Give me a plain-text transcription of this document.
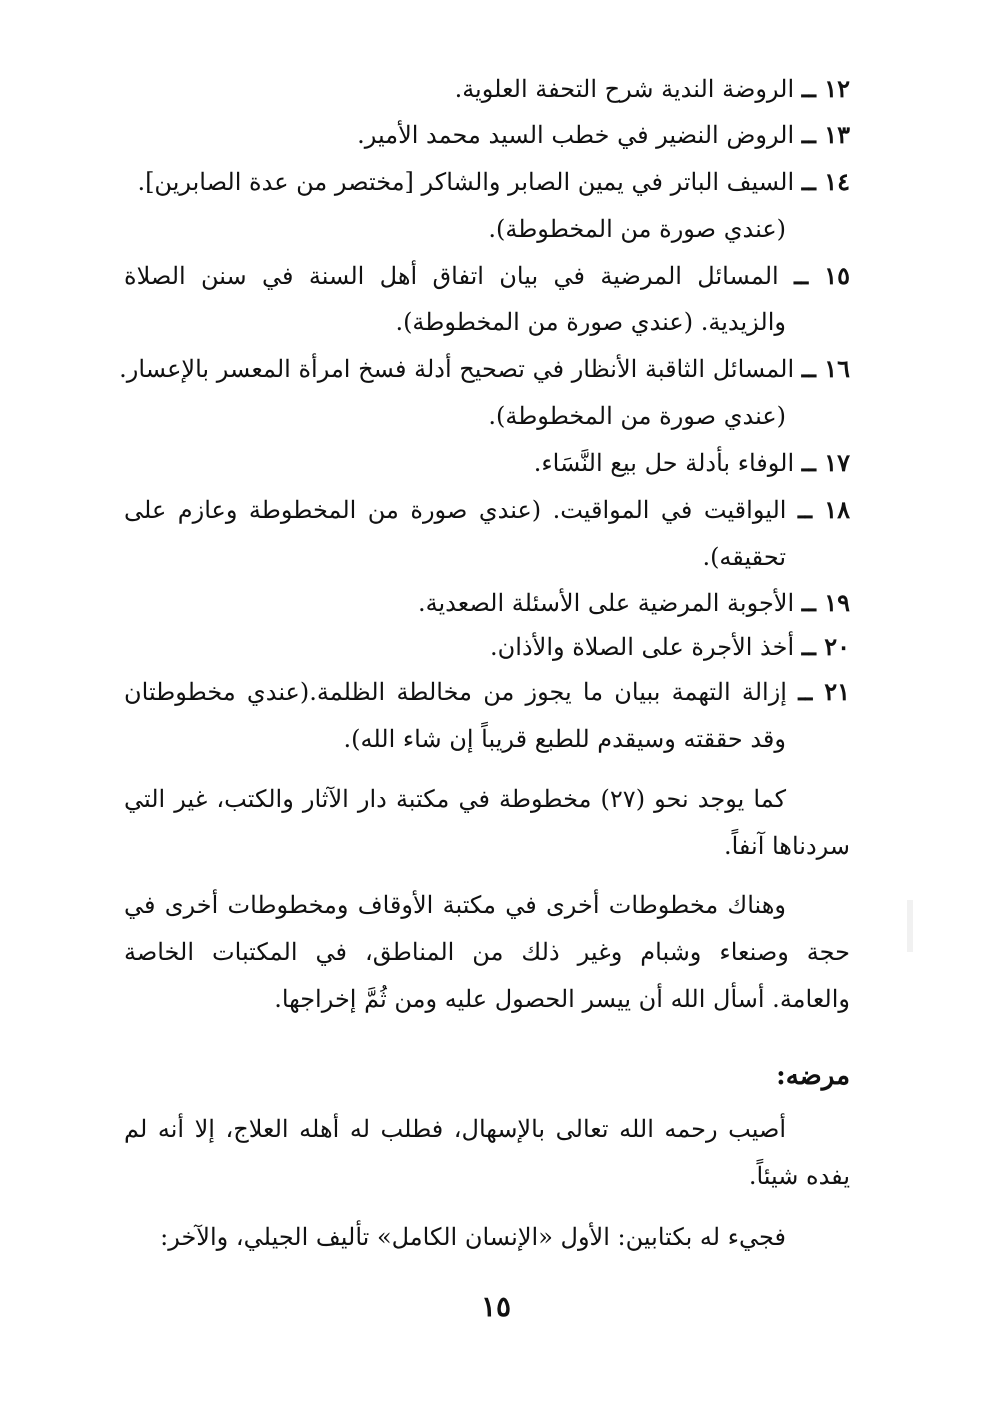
١٢ ــ الروضة الندية شرح التحفة العلوية.
١٣ ــ الروض النضير في خطب السيد محمد الأمير.
١٤ ــ السيف الباتر في يمين الصابر والشاكر [مختصر من عدة الصابرين].
(عندي صورة من المخطوطة).
١٥ ــ المسائل المرضية في بيان اتفاق أهل السنة في سنن الصلاة
والزيدية. (عندي صورة من المخطوطة).
١٦ ــ المسائل الثاقبة الأنظار في تصحيح أدلة فسخ امرأة المعسر بالإعسار.
(عندي صورة من المخطوطة).
١٧ ــ الوفاء بأدلة حل بيع النَّسَاء.
١٨ ــ اليواقيت في المواقيت. (عندي صورة من المخطوطة وعازم على
تحقيقه).
١٩ ــ الأجوبة المرضية على الأسئلة الصعدية.
٢٠ ــ أخذ الأجرة على الصلاة والأذان.
٢١ ــ إزالة التهمة ببيان ما يجوز من مخالطة الظلمة.(عندي مخطوطتان
وقد حققته وسيقدم للطبع قريباً إن شاء الله).
كما يوجد نحو (٢٧) مخطوطة في مكتبة دار الآثار والكتب، غير التي
سردناها آنفاً.
وهناك مخطوطات أخرى في مكتبة الأوقاف ومخطوطات أخرى في
حجة وصنعاء وشبام وغير ذلك من المناطق، في المكتبات الخاصة
والعامة. أسأل الله أن ييسر الحصول عليه ومن ثُمَّ إخراجها.
مرضه:
أصيب رحمه الله تعالى بالإسهال، فطلب له أهله العلاج، إلا أنه لم
يفده شيئاً.
فجيء له بكتابين: الأول «الإنسان الكامل» تأليف الجيلي، والآخر:
١٥
